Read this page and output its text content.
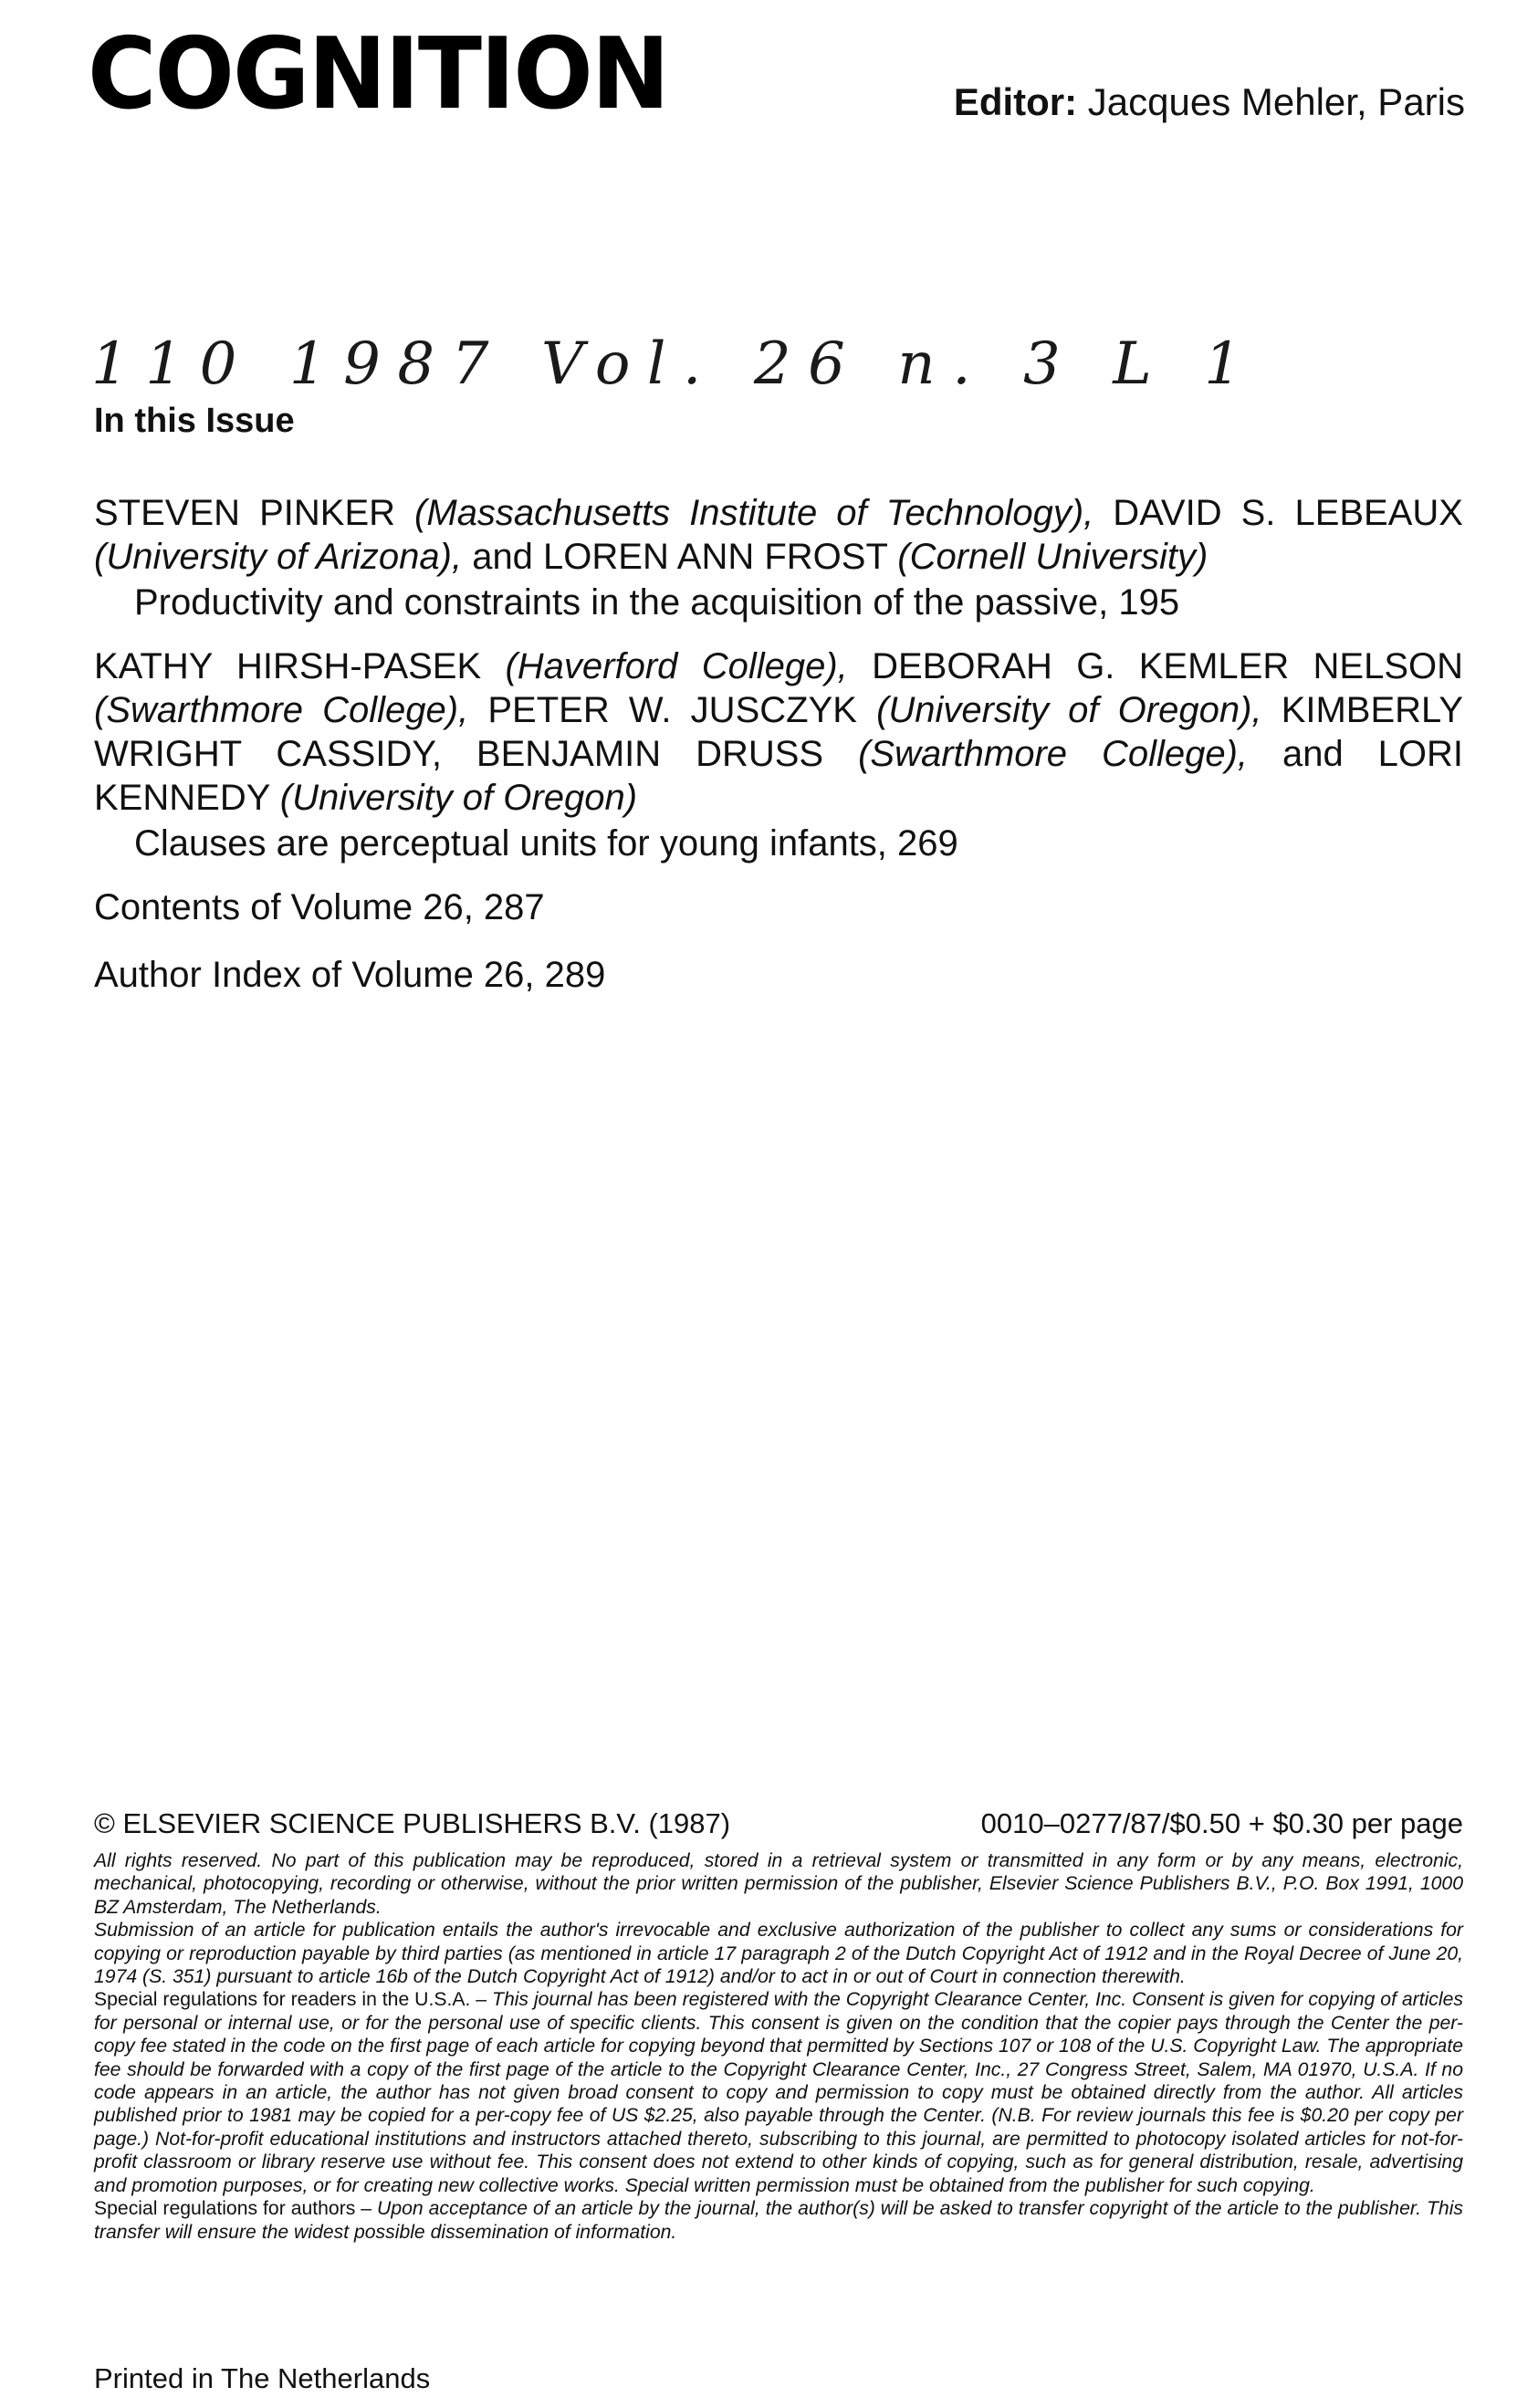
COGNITION	Editor: Jacques Mehler, Paris
110 1987 Vol. 26 n. 3 L 1
In this Issue
STEVEN PINKER (Massachusetts Institute of Technology), DAVID S. LEBEAUX (University of Arizona), and LOREN ANN FROST (Cornell University)
Productivity and constraints in the acquisition of the passive, 195
KATHY HIRSH-PASEK (Haverford College), DEBORAH G. KEMLER NELSON (Swarthmore College), PETER W. JUSCZYK (University of Oregon), KIMBERLY WRIGHT CASSIDY, BENJAMIN DRUSS (Swarthmore College), and LORI KENNEDY (University of Oregon)
Clauses are perceptual units for young infants, 269
Contents of Volume 26, 287
Author Index of Volume 26, 289
© ELSEVIER SCIENCE PUBLISHERS B.V. (1987)	0010–0277/87/$0.50 + $0.30 per page

All rights reserved. No part of this publication may be reproduced, stored in a retrieval system or transmitted in any form or by any means, electronic, mechanical, photocopying, recording or otherwise, without the prior written permission of the publisher, Elsevier Science Publishers B.V., P.O. Box 1991, 1000 BZ Amsterdam, The Netherlands.

Submission of an article for publication entails the author's irrevocable and exclusive authorization of the publisher to collect any sums or considerations for copying or reproduction payable by third parties (as mentioned in article 17 paragraph 2 of the Dutch Copyright Act of 1912 and in the Royal Decree of June 20, 1974 (S. 351) pursuant to article 16b of the Dutch Copyright Act of 1912) and/or to act in or out of Court in connection therewith.

Special regulations for readers in the U.S.A. – This journal has been registered with the Copyright Clearance Center, Inc. Consent is given for copying of articles for personal or internal use, or for the personal use of specific clients. This consent is given on the condition that the copier pays through the Center the per-copy fee stated in the code on the first page of each article for copying beyond that permitted by Sections 107 or 108 of the U.S. Copyright Law. The appropriate fee should be forwarded with a copy of the first page of the article to the Copyright Clearance Center, Inc., 27 Congress Street, Salem, MA 01970, U.S.A. If no code appears in an article, the author has not given broad consent to copy and permission to copy must be obtained directly from the author. All articles published prior to 1981 may be copied for a per-copy fee of US $2.25, also payable through the Center. (N.B. For review journals this fee is $0.20 per copy per page.) Not-for-profit educational institutions and instructors attached thereto, subscribing to this journal, are permitted to photocopy isolated articles for not-for-profit classroom or library reserve use without fee. This consent does not extend to other kinds of copying, such as for general distribution, resale, advertising and promotion purposes, or for creating new collective works. Special written permission must be obtained from the publisher for such copying.

Special regulations for authors – Upon acceptance of an article by the journal, the author(s) will be asked to transfer copyright of the article to the publisher. This transfer will ensure the widest possible dissemination of information.

Printed in The Netherlands
